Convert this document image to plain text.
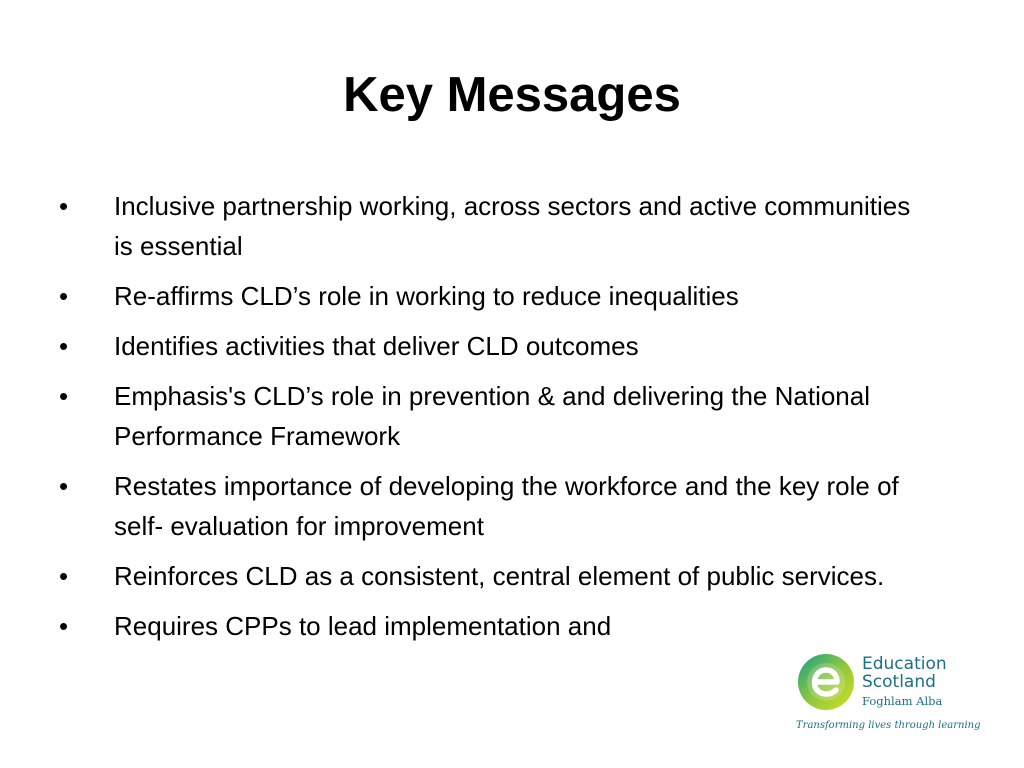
Key Messages
• Inclusive partnership working, across sectors and active communities is essential
• Re-affirms CLD’s role in working to reduce inequalities
• Identifies activities that deliver CLD outcomes
• Emphasis's CLD’s role in prevention & and delivering the National Performance Framework
• Restates importance of developing the workforce and the key role of self- evaluation for improvement
• Reinforces CLD as a consistent, central element of public services.
• Requires CPPs to lead implementation and
Education
Scotland
Foghlam Alba
Transforming lives through learning
